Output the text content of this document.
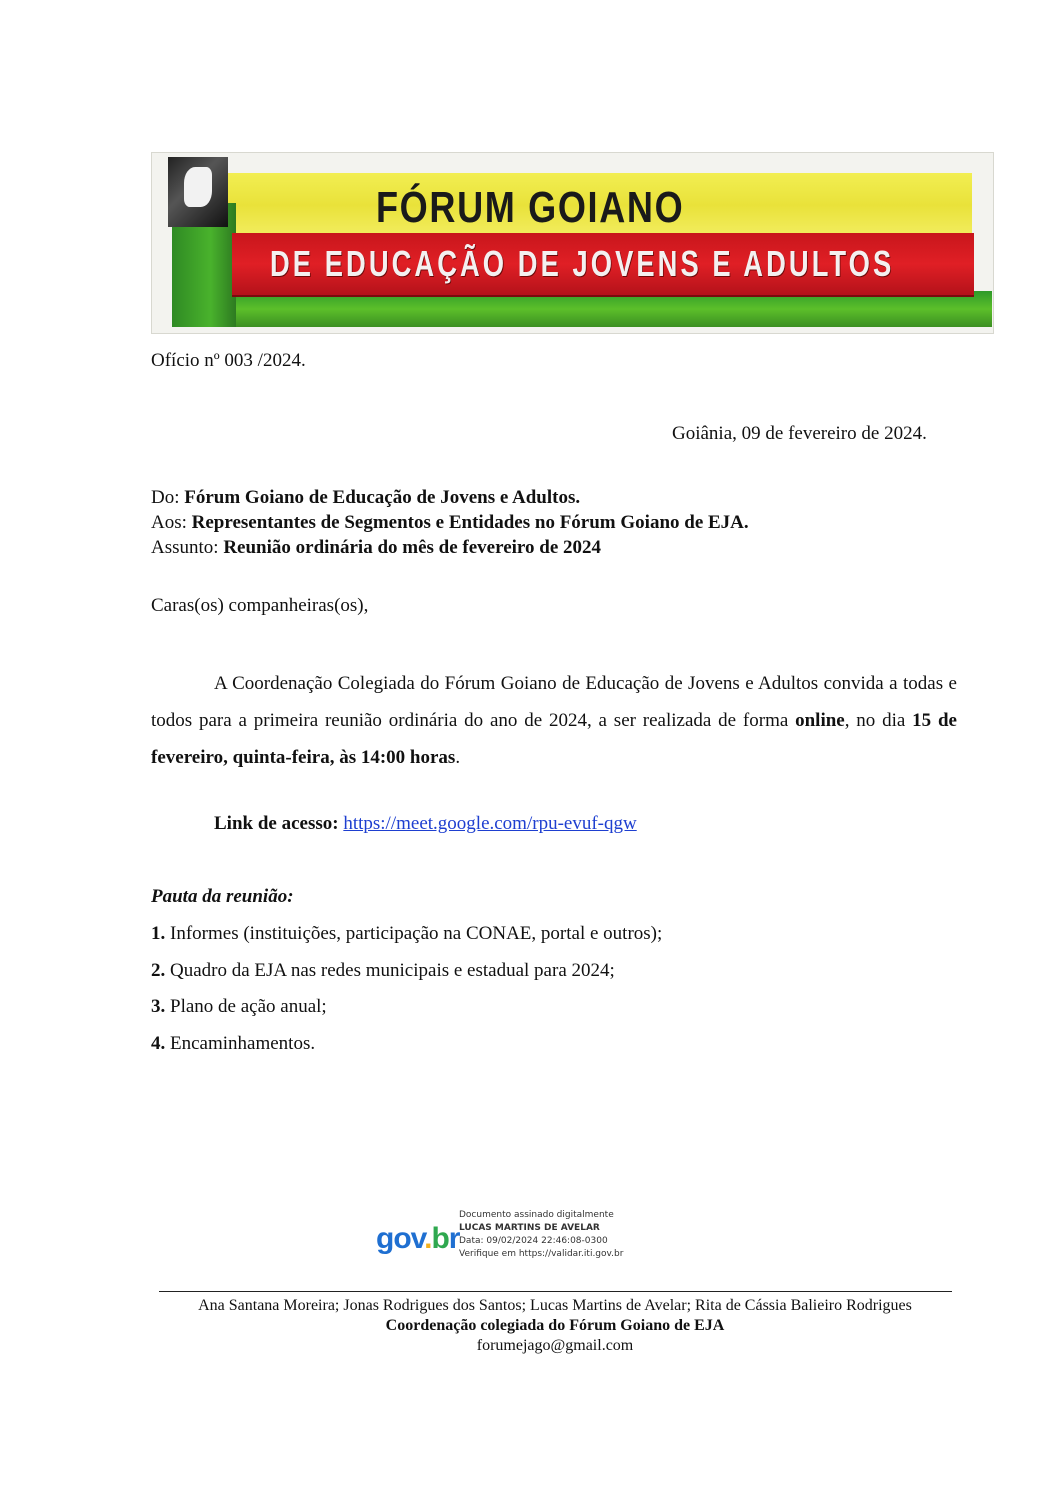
FÓRUM GOIANO
DE EDUCAÇÃO DE JOVENS E ADULTOS
Ofício nº 003 /2024.
Goiânia, 09 de fevereiro de 2024.
Do: Fórum Goiano de Educação de Jovens e Adultos.
Aos: Representantes de Segmentos e Entidades no Fórum Goiano de EJA.
Assunto: Reunião ordinária do mês de fevereiro de 2024
Caras(os) companheiras(os),
A Coordenação Colegiada do Fórum Goiano de Educação de Jovens e Adultos convida a todas e todos para a primeira reunião ordinária do ano de 2024, a ser realizada de forma online, no dia 15 de fevereiro, quinta-feira, às 14:00 horas.
Link de acesso: https://meet.google.com/rpu-evuf-qgw
Pauta da reunião:
1. Informes (instituições, participação na CONAE, portal e outros);
2. Quadro da EJA nas redes municipais e estadual para 2024;
3. Plano de ação anual;
4. Encaminhamentos.
gov.br
Documento assinado digitalmente
LUCAS MARTINS DE AVELAR
Data: 09/02/2024 22:46:08-0300
Verifique em https://validar.iti.gov.br
Ana Santana Moreira; Jonas Rodrigues dos Santos; Lucas Martins de Avelar; Rita de Cássia Balieiro Rodrigues
Coordenação colegiada do Fórum Goiano de EJA
forumejago@gmail.com
